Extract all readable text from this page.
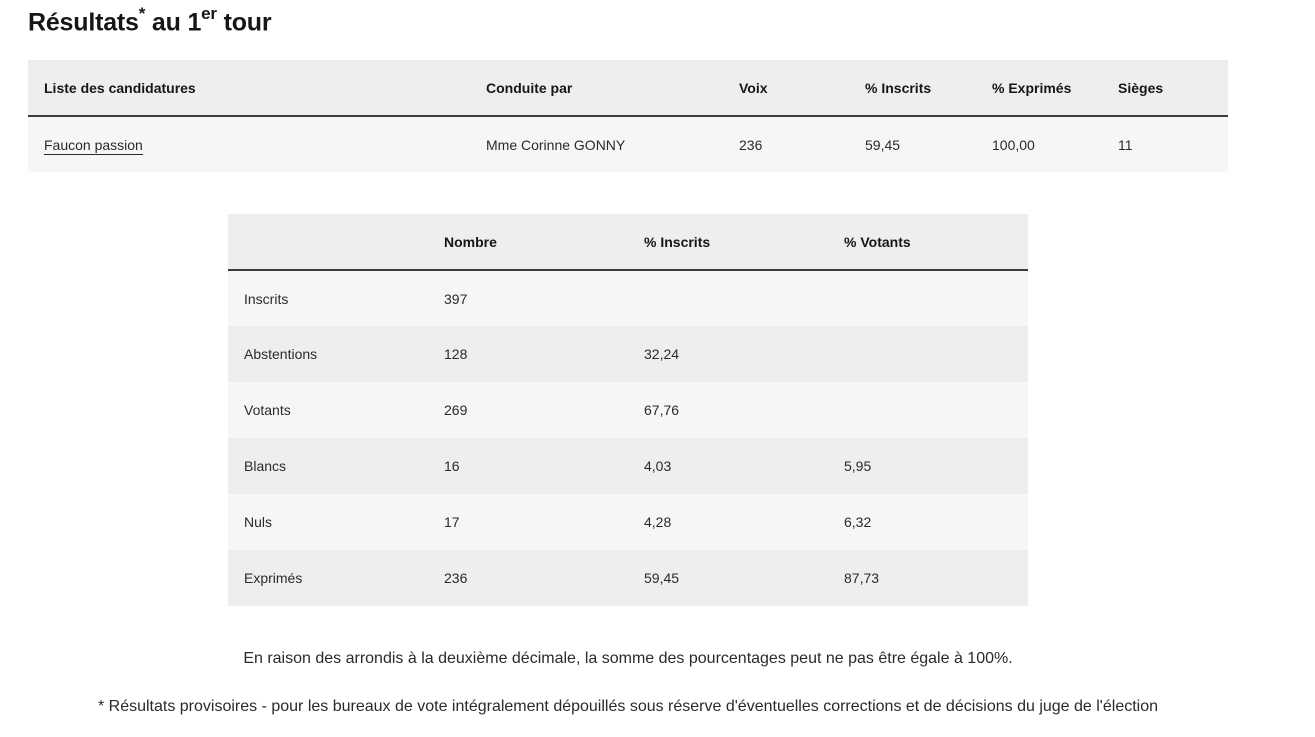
Résultats* au 1er tour
Liste des candidatures	Conduite par	Voix	% Inscrits	% Exprimés	Sièges
Faucon passion	Mme Corinne GONNY	236	59,45	100,00	11
	Nombre	% Inscrits	% Votants
Inscrits	397		
Abstentions	128	32,24	
Votants	269	67,76	
Blancs	16	4,03	5,95
Nuls	17	4,28	6,32
Exprimés	236	59,45	87,73

En raison des arrondis à la deuxième décimale, la somme des pourcentages peut ne pas être égale à 100%.

* Résultats provisoires - pour les bureaux de vote intégralement dépouillés sous réserve d'éventuelles corrections et de décisions du juge de l'élection
